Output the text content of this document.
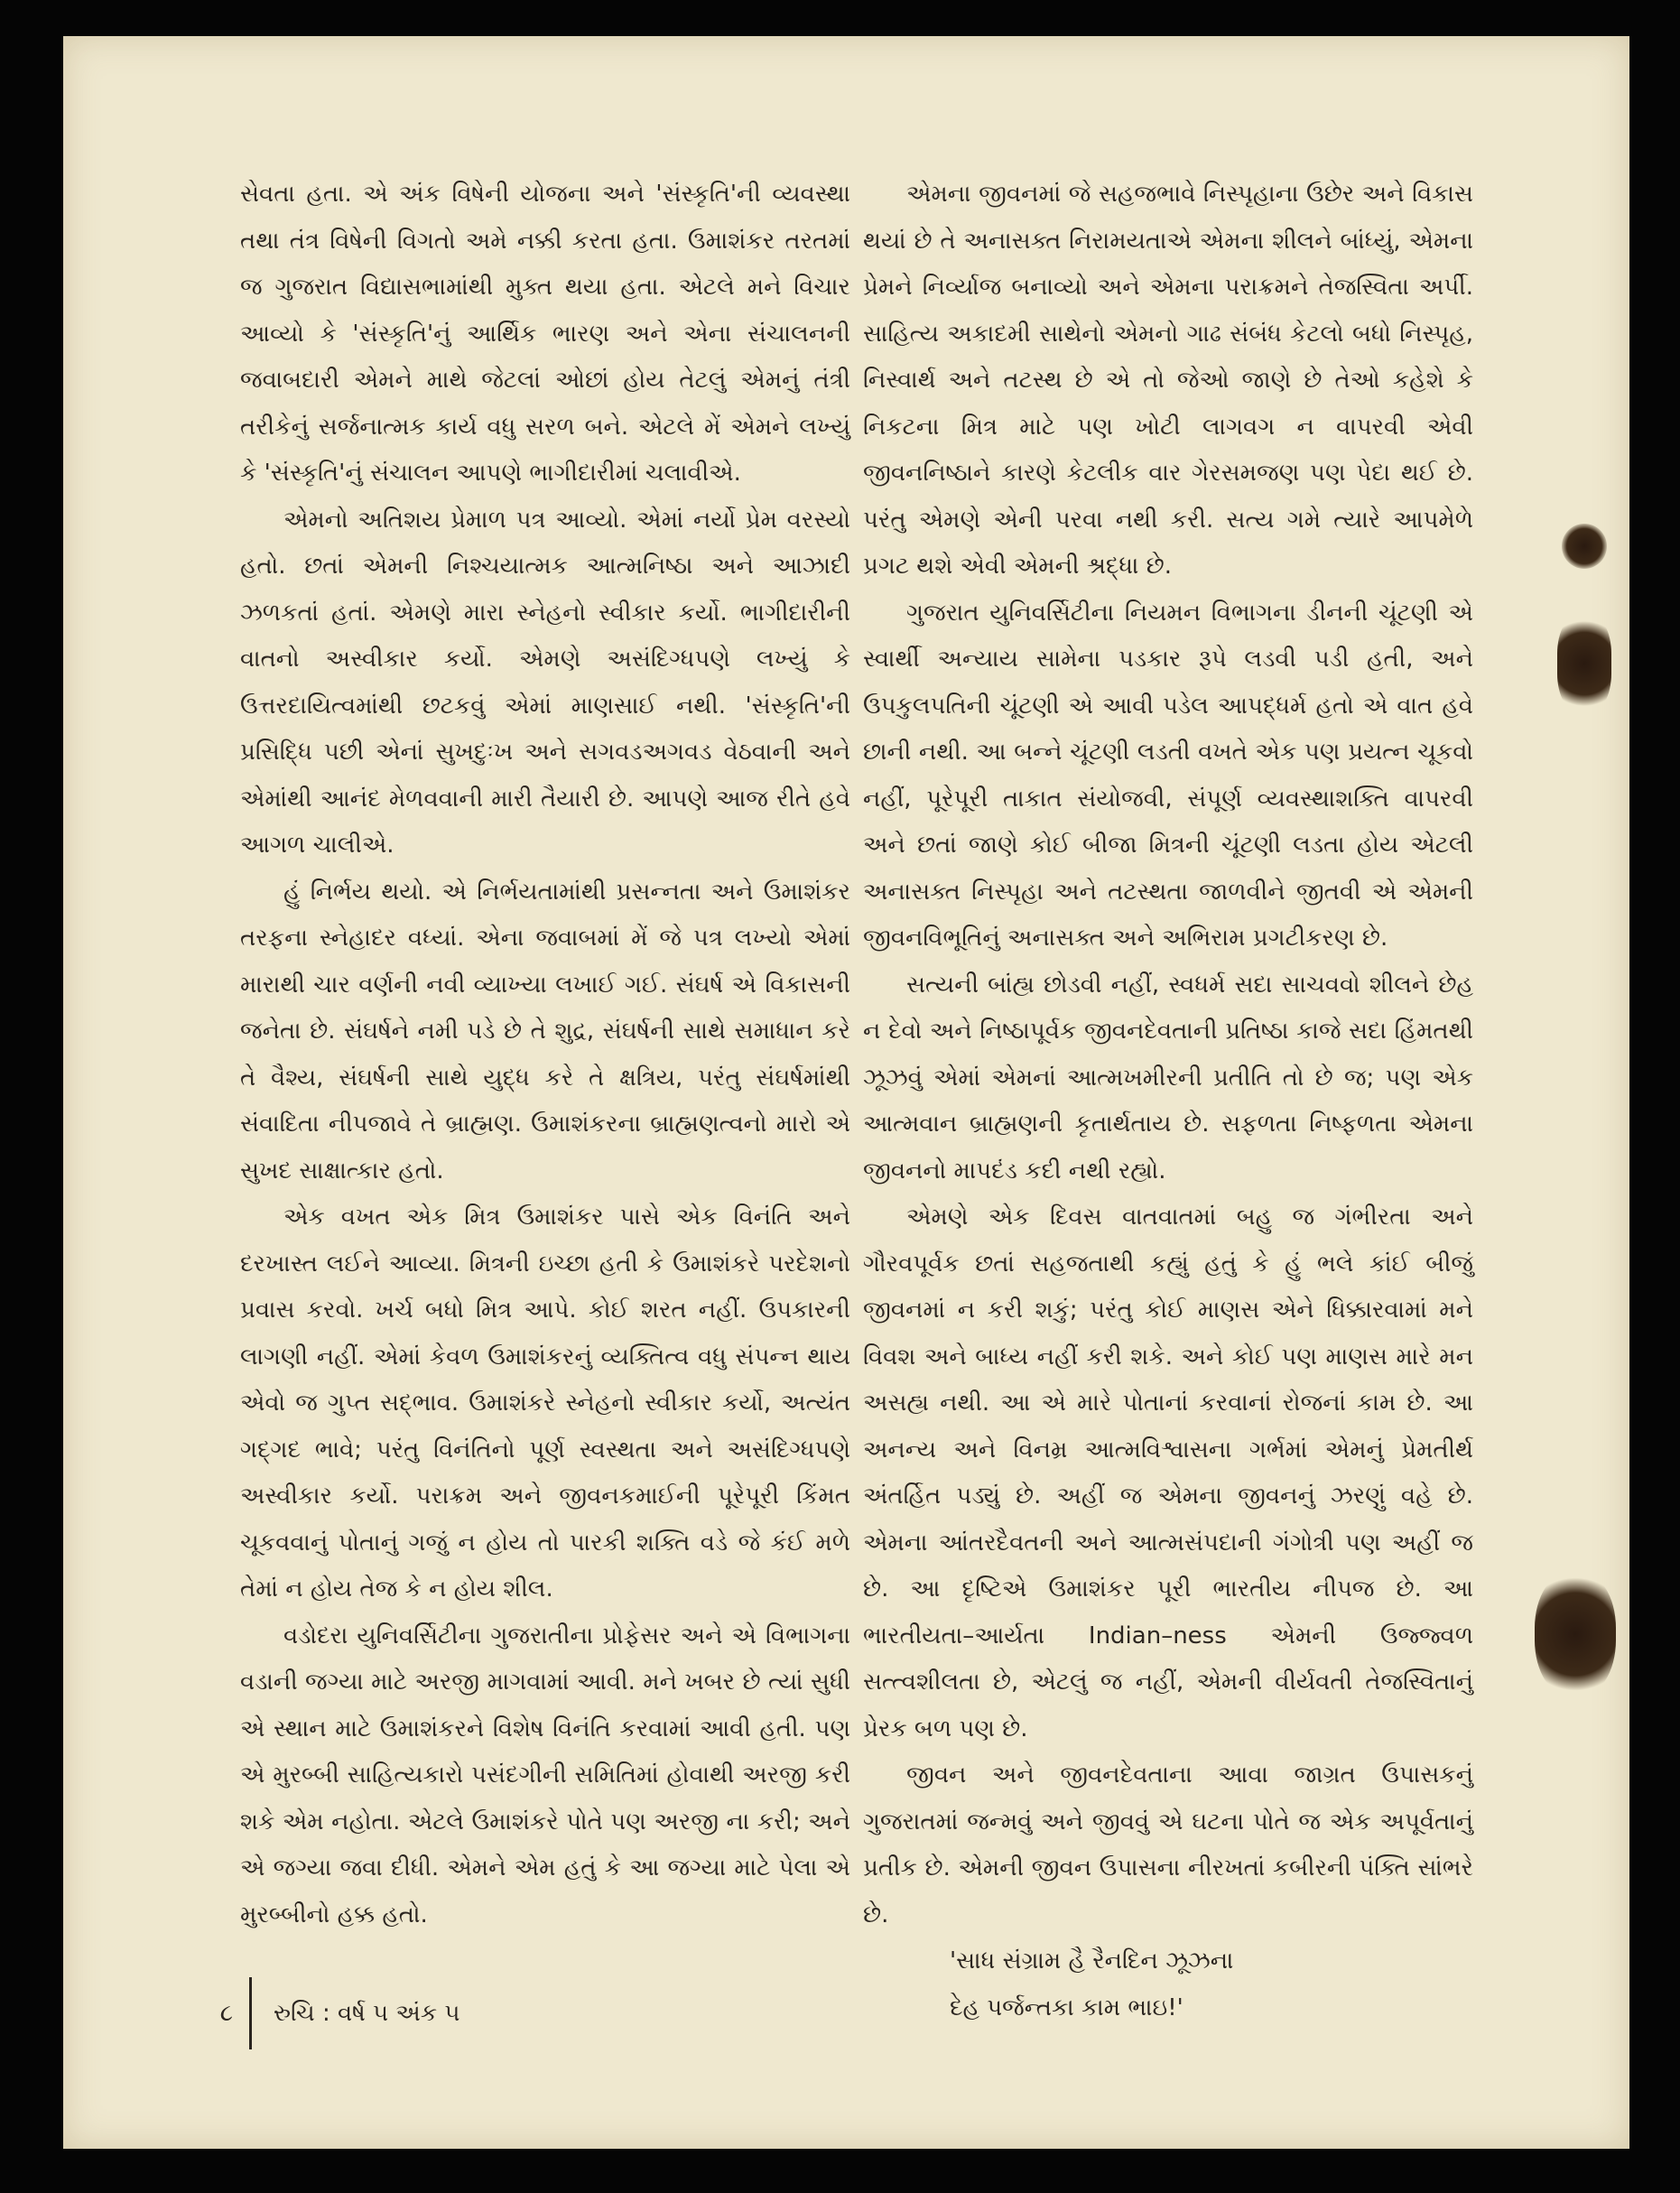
સેવતા હતા. એ અંક વિષેની યોજના અને 'સંસ્કૃતિ'ની વ્યવસ્થા તથા તંત્ર વિષેની વિગતો અમે નક્કી કરતા હતા. ઉમાશંકર તરતમાં જ ગુજરાત વિદ્યાસભામાંથી મુક્ત થયા હતા. એટલે મને વિચાર આવ્યો કે 'સંસ્કૃતિ'નું આર્થિક ભારણ અને એના સંચાલનની જવાબદારી એમને માથે જેટલાં ઓછાં હોય તેટલું એમનું તંત્રી તરીકેનું સર્જનાત્મક કાર્ય વધુ સરળ બને. એટલે મેં એમને લખ્યું કે 'સંસ્કૃતિ'નું સંચાલન આપણે ભાગીદારીમાં ચલાવીએ.

એમનો અતિશય પ્રેમાળ પત્ર આવ્યો. એમાં નર્યો પ્રેમ વરસ્યો હતો. છતાં એમની નિશ્ચયાત્મક આત્મનિષ્ઠા અને આઝાદી ઝળકતાં હતાં. એમણે મારા સ્નેહનો સ્વીકાર કર્યો. ભાગીદારીની વાતનો અસ્વીકાર કર્યો. એમણે અસંદિગ્ધપણે લખ્યું કે ઉત્તરદાયિત્વમાંથી છટકવું એમાં માણસાઈ નથી. 'સંસ્કૃતિ'ની પ્રસિદ્ધિ પછી એનાં સુખદુઃખ અને સગવડઅગવડ વેઠવાની અને એમાંથી આનંદ મેળવવાની મારી તૈયારી છે. આપણે આજ રીતે હવે આગળ ચાલીએ.

હું નિર્ભય થયો. એ નિર્ભયતામાંથી પ્રસન્નતા અને ઉમાશંકર તરફના સ્નેહાદર વધ્યાં. એના જવાબમાં મેં જે પત્ર લખ્યો એમાં મારાથી ચાર વર્ણની નવી વ્યાખ્યા લખાઈ ગઈ. સંઘર્ષ એ વિકાસની જનેતા છે. સંઘર્ષને નમી પડે છે તે શુદ્ર, સંઘર્ષની સાથે સમાધાન કરે તે વૈશ્ય, સંઘર્ષની સાથે યુદ્ધ કરે તે ક્ષત્રિય, પરંતુ સંઘર્ષમાંથી સંવાદિતા નીપજાવે તે બ્રાહ્મણ. ઉમાશંકરના બ્રાહ્મણત્વનો મારો એ સુખદ સાક્ષાત્કાર હતો.

એક વખત એક મિત્ર ઉમાશંકર પાસે એક વિનંતિ અને દરખાસ્ત લઈને આવ્યા. મિત્રની ઇચ્છા હતી કે ઉમાશંકરે પરદેશનો પ્રવાસ કરવો. ખર્ચ બધો મિત્ર આપે. કોઈ શરત નહીં. ઉપકારની લાગણી નહીં. એમાં કેવળ ઉમાશંકરનું વ્યક્તિત્વ વધુ સંપન્ન થાય એવો જ ગુપ્ત સદ્ભાવ. ઉમાશંકરે સ્નેહનો સ્વીકાર કર્યો, અત્યંત ગદ્ગદ ભાવે; પરંતુ વિનંતિનો પૂર્ણ સ્વસ્થતા અને અસંદિગ્ધપણે અસ્વીકાર કર્યો. પરાક્રમ અને જીવનકમાઈની પૂરેપૂરી કિંમત ચૂકવવાનું પોતાનું ગજું ન હોય તો પારકી શક્તિ વડે જે કંઈ મળે તેમાં ન હોય તેજ કે ન હોય શીલ.

વડોદરા યુનિવર્સિટીના ગુજરાતીના પ્રોફેસર અને એ વિભાગના વડાની જગ્યા માટે અરજી માગવામાં આવી. મને ખબર છે ત્યાં સુધી એ સ્થાન માટે ઉમાશંકરને વિશેષ વિનંતિ કરવામાં આવી હતી. પણ એ મુરબ્બી સાહિત્યકારો પસંદગીની સમિતિમાં હોવાથી અરજી કરી શકે એમ નહોતા. એટલે ઉમાશંકરે પોતે પણ અરજી ના કરી; અને એ જગ્યા જવા દીધી. એમને એમ હતું કે આ જગ્યા માટે પેલા એ મુરબ્બીનો હક્ક હતો.

એમના જીવનમાં જે સહજભાવે નિસ્પૃહાના ઉછેર અને વિકાસ થયાં છે તે અનાસક્ત નિરામયતાએ એમના શીલને બાંધ્યું, એમના પ્રેમને નિર્વ્યાજ બનાવ્યો અને એમના પરાક્રમને તેજસ્વિતા અર્પી. સાહિત્ય અકાદમી સાથેનો એમનો ગાઢ સંબંધ કેટલો બધો નિસ્પૃહ, નિસ્વાર્થ અને તટસ્થ છે એ તો જેઓ જાણે છે તેઓ કહેશે કે નિકટના મિત્ર માટે પણ ખોટી લાગવગ ન વાપરવી એવી જીવનનિષ્ઠાને કારણે કેટલીક વાર ગેરસમજણ પણ પેદા થઈ છે. પરંતુ એમણે એની પરવા નથી કરી. સત્ય ગમે ત્યારે આપમેળે પ્રગટ થશે એવી એમની શ્રદ્ધા છે.

ગુજરાત યુનિવર્સિટીના નિયમન વિભાગના ડીનની ચૂંટણી એ સ્વાર્થી અન્યાય સામેના પડકાર રૂપે લડવી પડી હતી, અને ઉપકુલપતિની ચૂંટણી એ આવી પડેલ આપદ્ધર્મ હતો એ વાત હવે છાની નથી. આ બન્ને ચૂંટણી લડતી વખતે એક પણ પ્રયત્ન ચૂકવો નહીં, પૂરેપૂરી તાકાત સંયોજવી, સંપૂર્ણ વ્યવસ્થાશક્તિ વાપરવી અને છતાં જાણે કોઈ બીજા મિત્રની ચૂંટણી લડતા હોય એટલી અનાસક્ત નિસ્પૃહા અને તટસ્થતા જાળવીને જીતવી એ એમની જીવનવિભૂતિનું અનાસક્ત અને અભિરામ પ્રગટીકરણ છે.

સત્યની બાંહ્ય છોડવી નહીં, સ્વધર્મ સદા સાચવવો શીલને છેહ ન દેવો અને નિષ્ઠાપૂર્વક જીવનદેવતાની પ્રતિષ્ઠા કાજે સદા હિંમતથી ઝૂઝવું એમાં એમનાં આત્મખમીરની પ્રતીતિ તો છે જ; પણ એક આત્મવાન બ્રાહ્મણની કૃતાર્થતાય છે. સફળતા નિષ્ફળતા એમના જીવનનો માપદંડ કદી નથી રહ્યો.

એમણે એક દિવસ વાતવાતમાં બહુ જ ગંભીરતા અને ગૌરવપૂર્વક છતાં સહજતાથી કહ્યું હતું કે હું ભલે કાંઈ બીજું જીવનમાં ન કરી શકું; પરંતુ કોઈ માણસ એને ધિક્કારવામાં મને વિવશ અને બાધ્ય નહીં કરી શકે. અને કોઈ પણ માણસ મારે મન અસહ્ય નથી. આ એ મારે પોતાનાં કરવાનાં રોજનાં કામ છે. આ અનન્ય અને વિનમ્ર આત્મવિશ્વાસના ગર્ભમાં એમનું પ્રેમતીર્થ અંતર્હિત પડ્યું છે. અહીં જ એમના જીવનનું ઝરણું વહે છે. એમના આંતરદૈવતની અને આત્મસંપદાની ગંગોત્રી પણ અહીં જ છે. આ દૃષ્ટિએ ઉમાશંકર પૂરી ભારતીય નીપજ છે. આ ભારતીયતા–આર્યતા Indian–ness એમની ઉજ્જ્વળ સત્ત્વશીલતા છે, એટલું જ નહીં, એમની વીર્યવતી તેજસ્વિતાનું પ્રેરક બળ પણ છે.

જીવન અને જીવનદેવતાના આવા જાગ્રત ઉપાસકનું ગુજરાતમાં જન્મવું અને જીવવું એ ઘટના પોતે જ એક અપૂર્વતાનું પ્રતીક છે. એમની જીવન ઉપાસના નીરખતાં કબીરની પંક્તિ સાંભરે છે.

'સાધ સંગ્રામ હૈ રૈનદિન ઝૂઝના
દેહ પર્જન્તકા કામ ભાઇ!'
૮ રુચિ : વર્ષ ૫ અંક ૫
